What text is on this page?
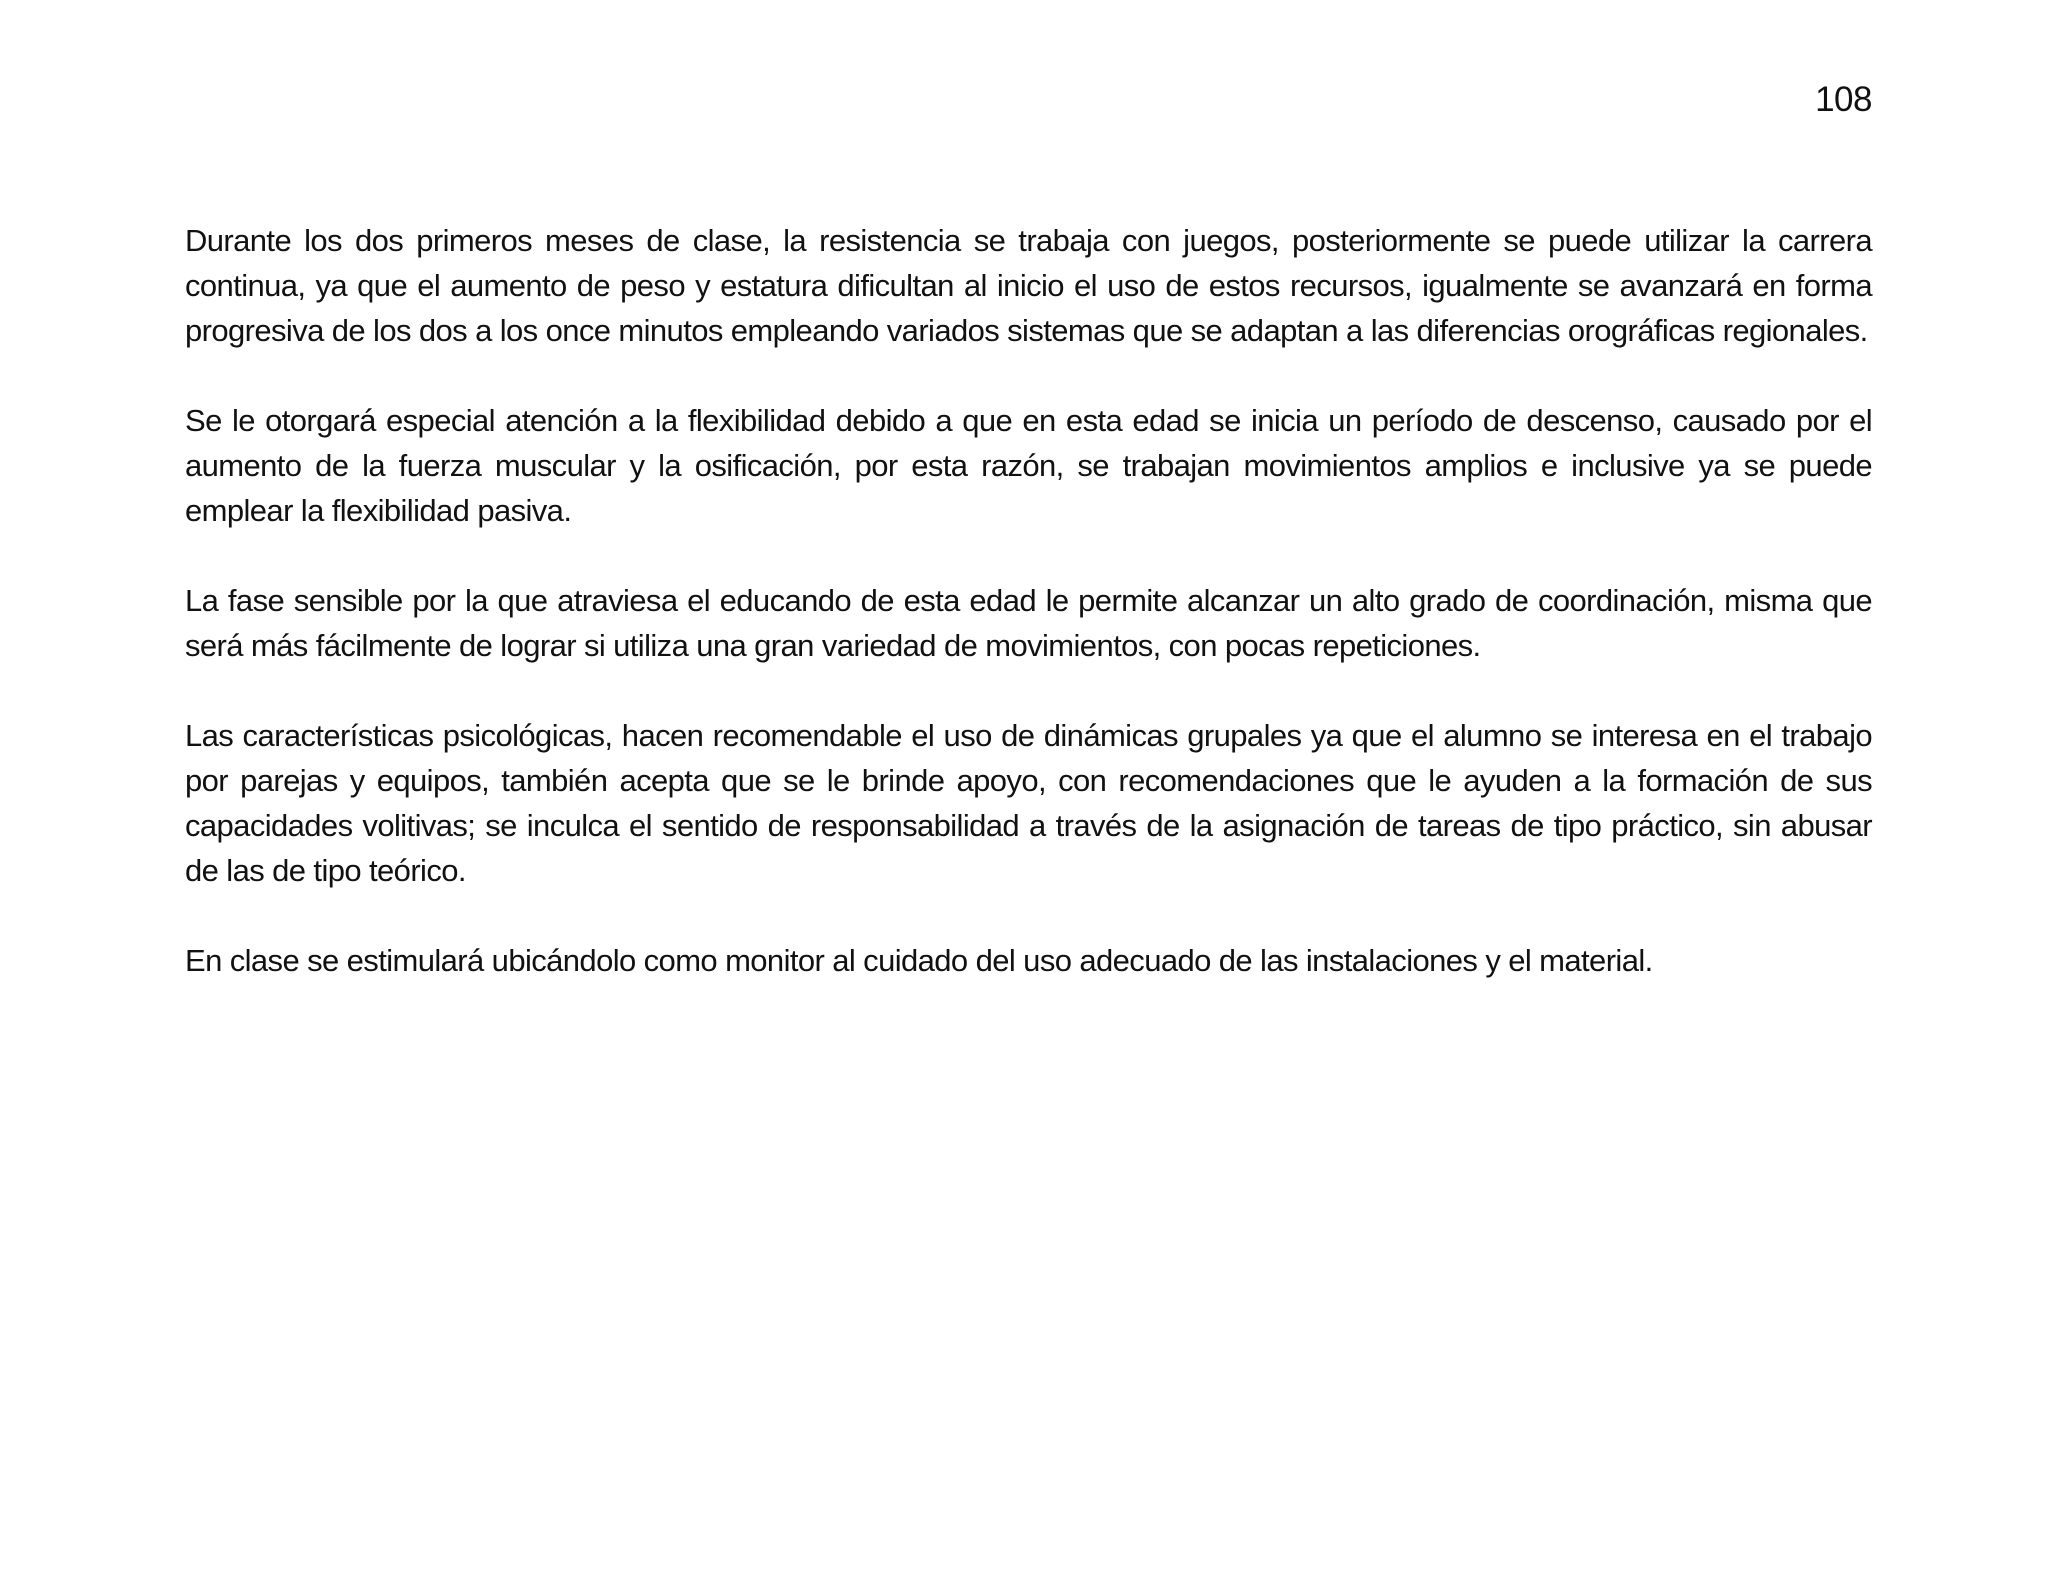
108

Durante los dos primeros meses de clase, la resistencia se trabaja con juegos, posteriormente se puede utilizar la carrera continua, ya que el aumento de peso y estatura dificultan al inicio el uso de estos recursos, igualmente se avanzará en forma progresiva de los dos a los once minutos empleando variados sistemas que se adaptan a las diferencias orográficas regionales.

Se le otorgará especial atención a la flexibilidad debido a que en esta edad se inicia un período de descenso, causado por el aumento de la fuerza muscular y la osificación, por esta razón, se trabajan movimientos amplios e inclusive ya se puede emplear la flexibilidad pasiva.

La fase sensible por la que atraviesa el educando de esta edad le permite alcanzar un alto grado de coordinación, misma que será más fácilmente de lograr si utiliza una gran variedad de movimientos, con pocas repeticiones.

Las características psicológicas, hacen recomendable el uso de dinámicas grupales ya que el alumno se interesa en el trabajo por parejas y equipos, también acepta que se le brinde apoyo, con recomendaciones que le ayuden a la formación de sus capacidades volitivas; se inculca el sentido de responsabilidad a través de la asignación de tareas de tipo práctico, sin abusar de las de tipo teórico.

En clase se estimulará ubicándolo como monitor al cuidado del uso adecuado de las instalaciones y el material.
